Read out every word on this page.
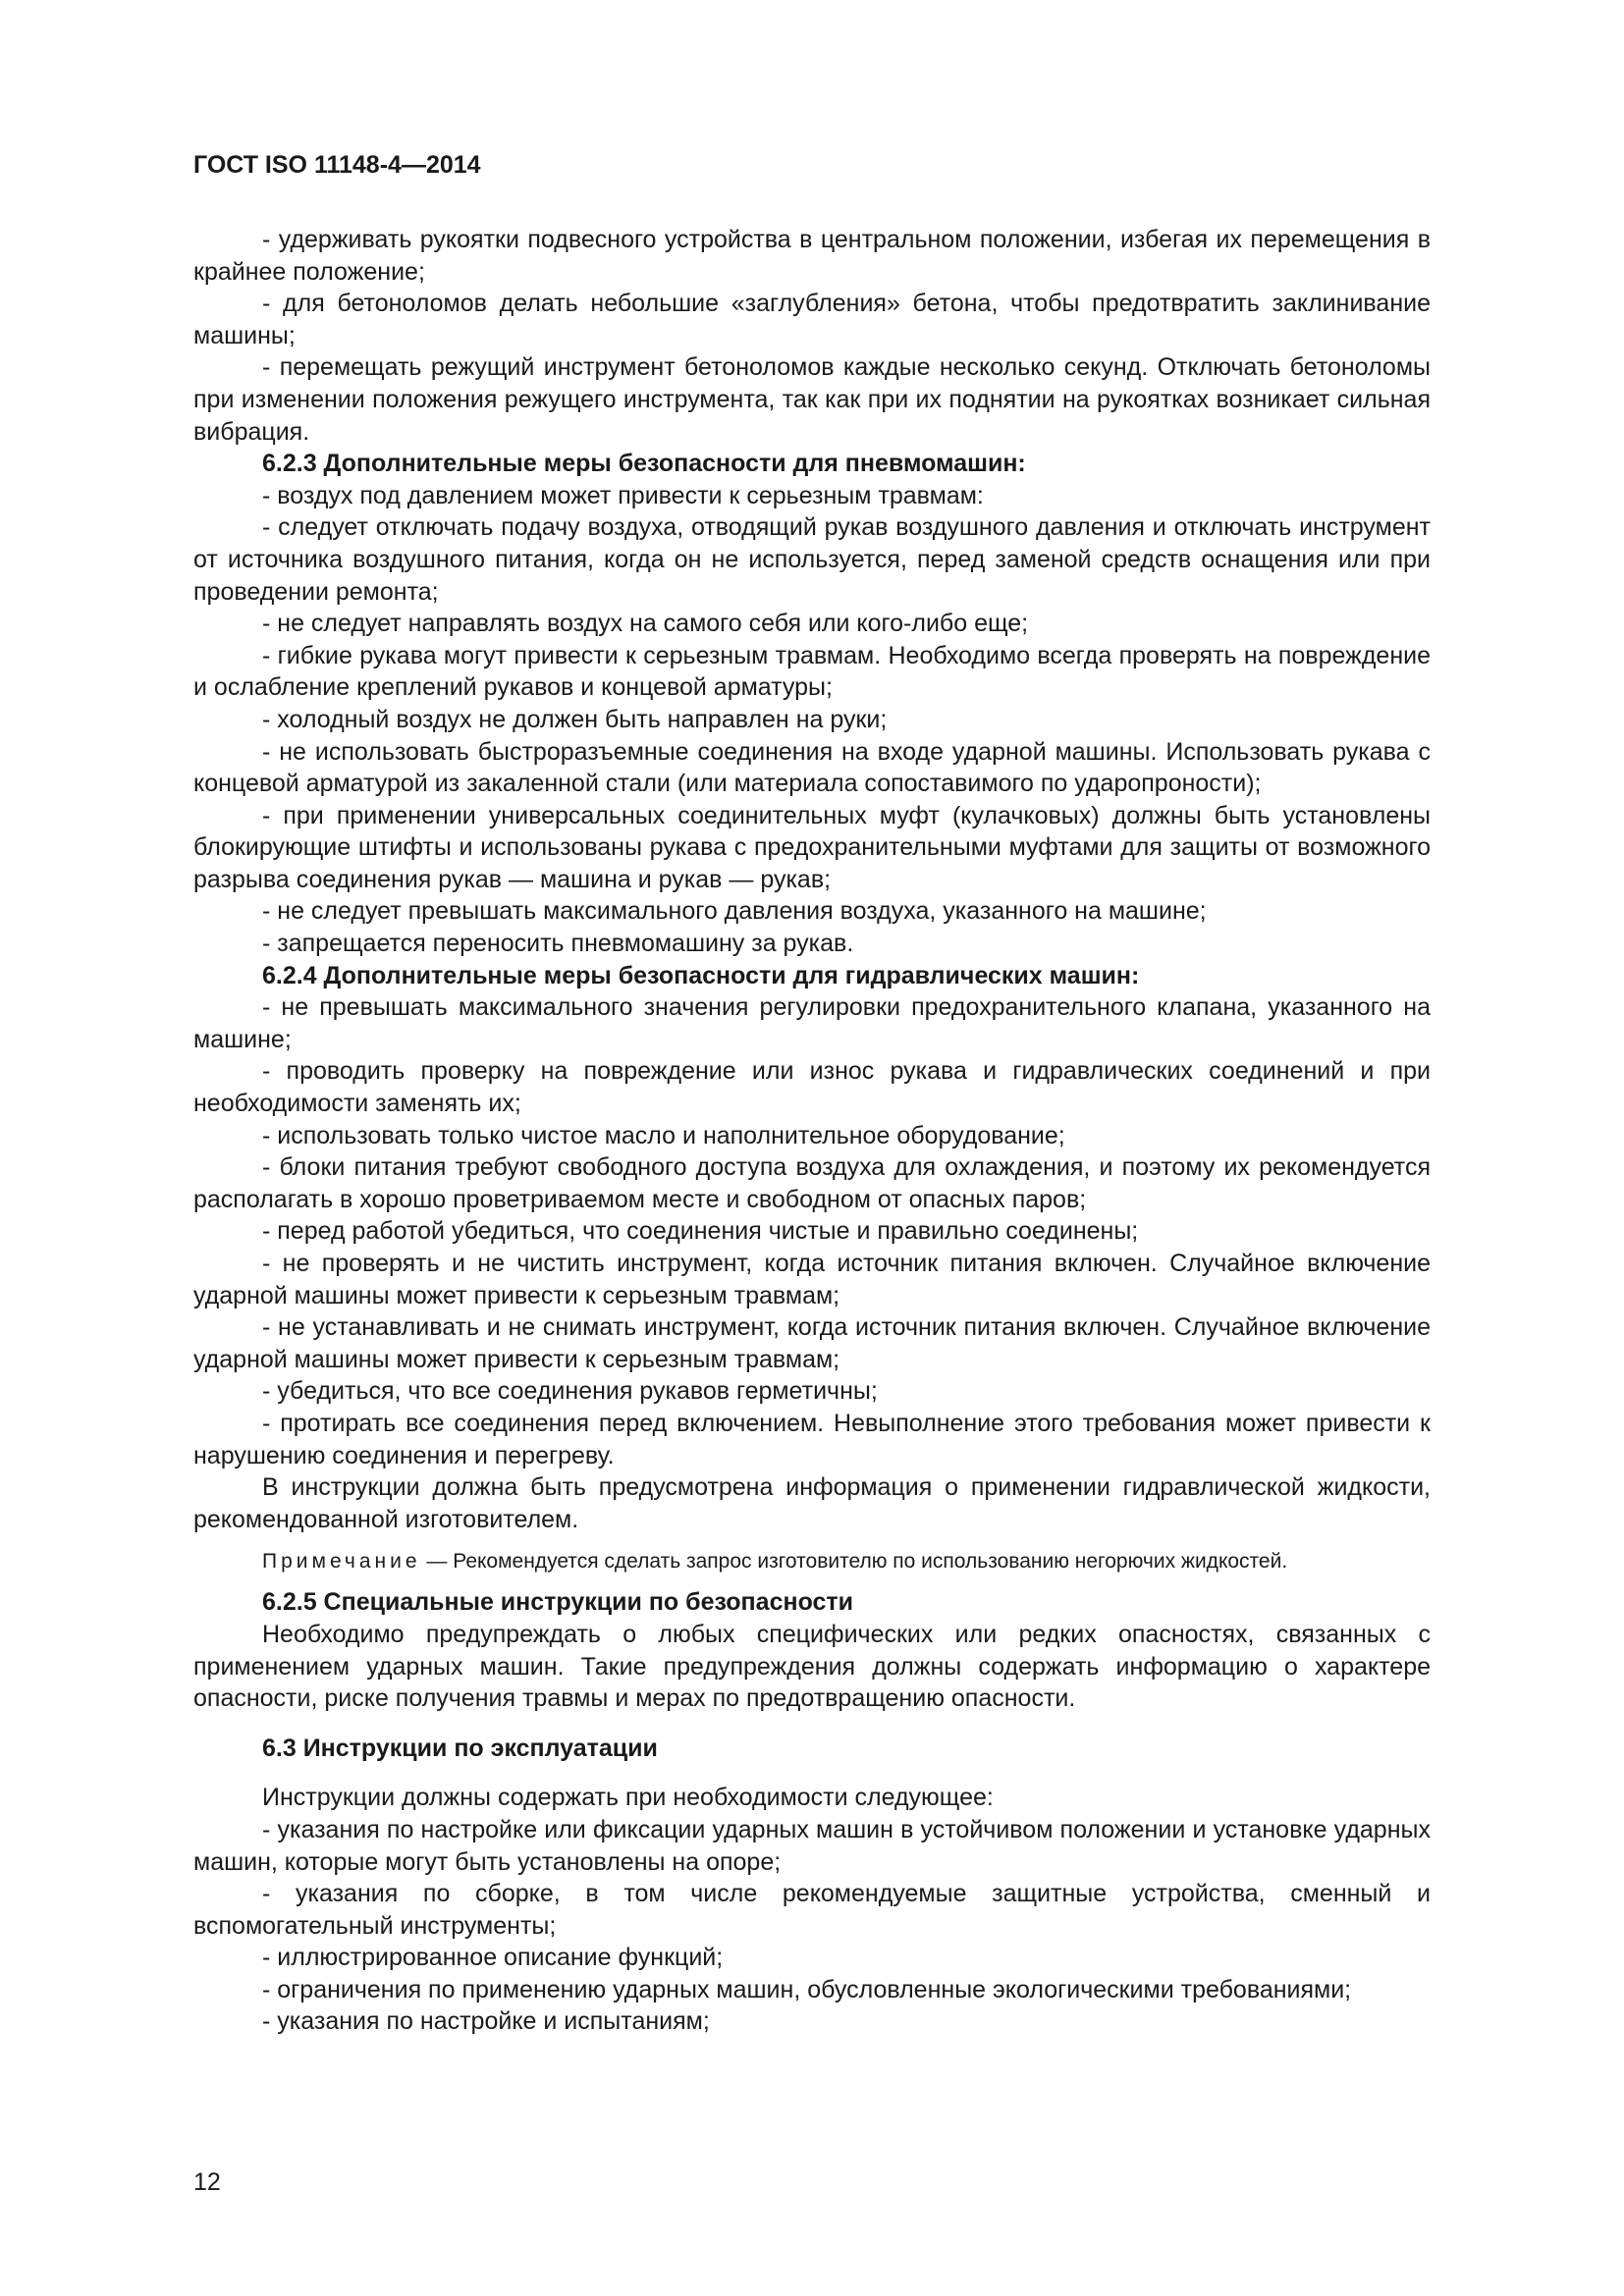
ГОСТ ISO 11148-4—2014

- удерживать рукоятки подвесного устройства в центральном положении, избегая их перемещения в крайнее положение;

- для бетоноломов делать небольшие «заглубления» бетона, чтобы предотвратить заклинивание машины;

- перемещать режущий инструмент бетоноломов каждые несколько секунд. Отключать бетоноломы при изменении положения режущего инструмента, так как при их поднятии на рукоятках возникает сильная вибрация.

6.2.3 Дополнительные меры безопасности для пневмомашин:

- воздух под давлением может привести к серьезным травмам:

- следует отключать подачу воздуха, отводящий рукав воздушного давления и отключать инструмент от источника воздушного питания, когда он не используется, перед заменой средств оснащения или при проведении ремонта;

- не следует направлять воздух на самого себя или кого-либо еще;

- гибкие рукава могут привести к серьезным травмам. Необходимо всегда проверять на повреждение и ослабление креплений рукавов и концевой арматуры;

- холодный воздух не должен быть направлен на руки;

- не использовать быстроразъемные соединения на входе ударной машины. Использовать рукава с концевой арматурой из закаленной стали (или материала сопоставимого по ударопроности);

- при применении универсальных соединительных муфт (кулачковых) должны быть установлены блокирующие штифты и использованы рукава с предохранительными муфтами для защиты от возможного разрыва соединения рукав — машина и рукав — рукав;

- не следует превышать максимального давления воздуха, указанного на машине;

- запрещается переносить пневмомашину за рукав.

6.2.4 Дополнительные меры безопасности для гидравлических машин:

- не превышать максимального значения регулировки предохранительного клапана, указанного на машине;

- проводить проверку на повреждение или износ рукава и гидравлических соединений и при необходимости заменять их;

- использовать только чистое масло и наполнительное оборудование;

- блоки питания требуют свободного доступа воздуха для охлаждения, и поэтому их рекомендуется располагать в хорошо проветриваемом месте и свободном от опасных паров;

- перед работой убедиться, что соединения чистые и правильно соединены;

- не проверять и не чистить инструмент, когда источник питания включен. Случайное включение ударной машины может привести к серьезным травмам;

- не устанавливать и не снимать инструмент, когда источник питания включен. Случайное включение ударной машины может привести к серьезным травмам;

- убедиться, что все соединения рукавов герметичны;

- протирать все соединения перед включением. Невыполнение этого требования может привести к нарушению соединения и перегреву.

В инструкции должна быть предусмотрена информация о применении гидравлической жидкости, рекомендованной изготовителем.

Примечание — Рекомендуется сделать запрос изготовителю по использованию негорючих жидкостей.

6.2.5 Специальные инструкции по безопасности

Необходимо предупреждать о любых специфических или редких опасностях, связанных с применением ударных машин. Такие предупреждения должны содержать информацию о характере опасности, риске получения травмы и мерах по предотвращению опасности.

6.3 Инструкции по эксплуатации

Инструкции должны содержать при необходимости следующее:

- указания по настройке или фиксации ударных машин в устойчивом положении и установке ударных машин, которые могут быть установлены на опоре;

- указания по сборке, в том числе рекомендуемые защитные устройства, сменный и вспомогательный инструменты;

- иллюстрированное описание функций;

- ограничения по применению ударных машин, обусловленные экологическими требованиями;

- указания по настройке и испытаниям;

12
